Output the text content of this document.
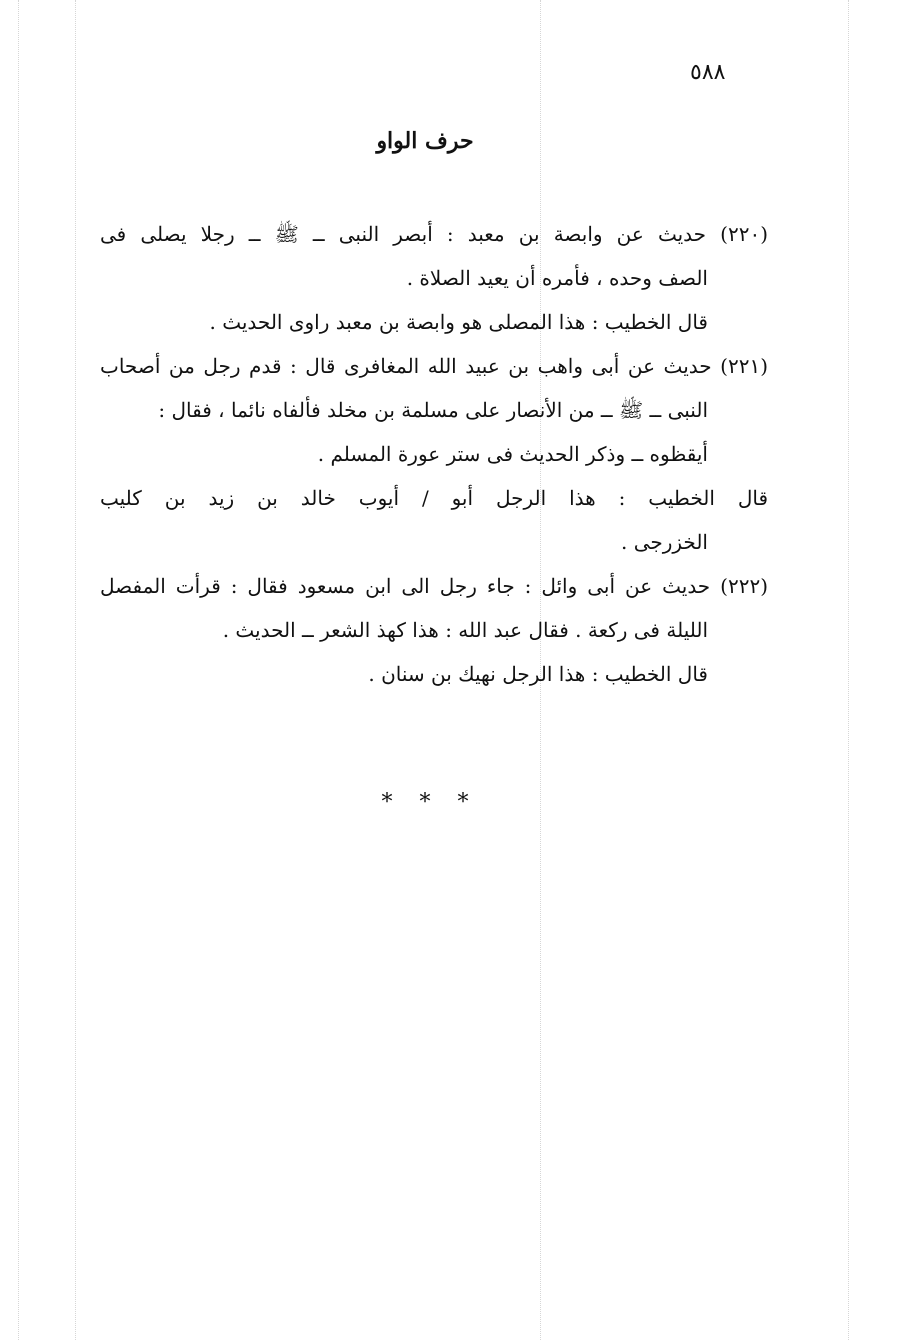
٥٨٨
حرف الواو
(٢٢٠) حديث عن وابصة بن معبد : أبصر النبى ــ ﷺ ــ رجلا يصلى فى
الصف وحده ، فأمره أن يعيد الصلاة .
قال الخطيب : هذا المصلى هو وابصة بن معبد راوى الحديث .
(٢٢١) حديث عن أبى واهب بن عبيد الله المغافرى قال : قدم رجل من أصحاب
النبى ــ ﷺ ــ من الأنصار على مسلمة بن مخلد فألفاه نائما ، فقال :
أيقظوه ــ وذكر الحديث فى ستر عورة المسلم .
قال الخطيب : هذا الرجل أبو / أيوب خالد بن زيد بن كليب
الخزرجى .
(٢٢٢) حديث عن أبى وائل : جاء رجل الى ابن مسعود فقال : قرأت المفصل
الليلة فى ركعة . فقال عبد الله : هذا كهذ الشعر ــ الحديث .
قال الخطيب : هذا الرجل نهيك بن سنان .
* * *
